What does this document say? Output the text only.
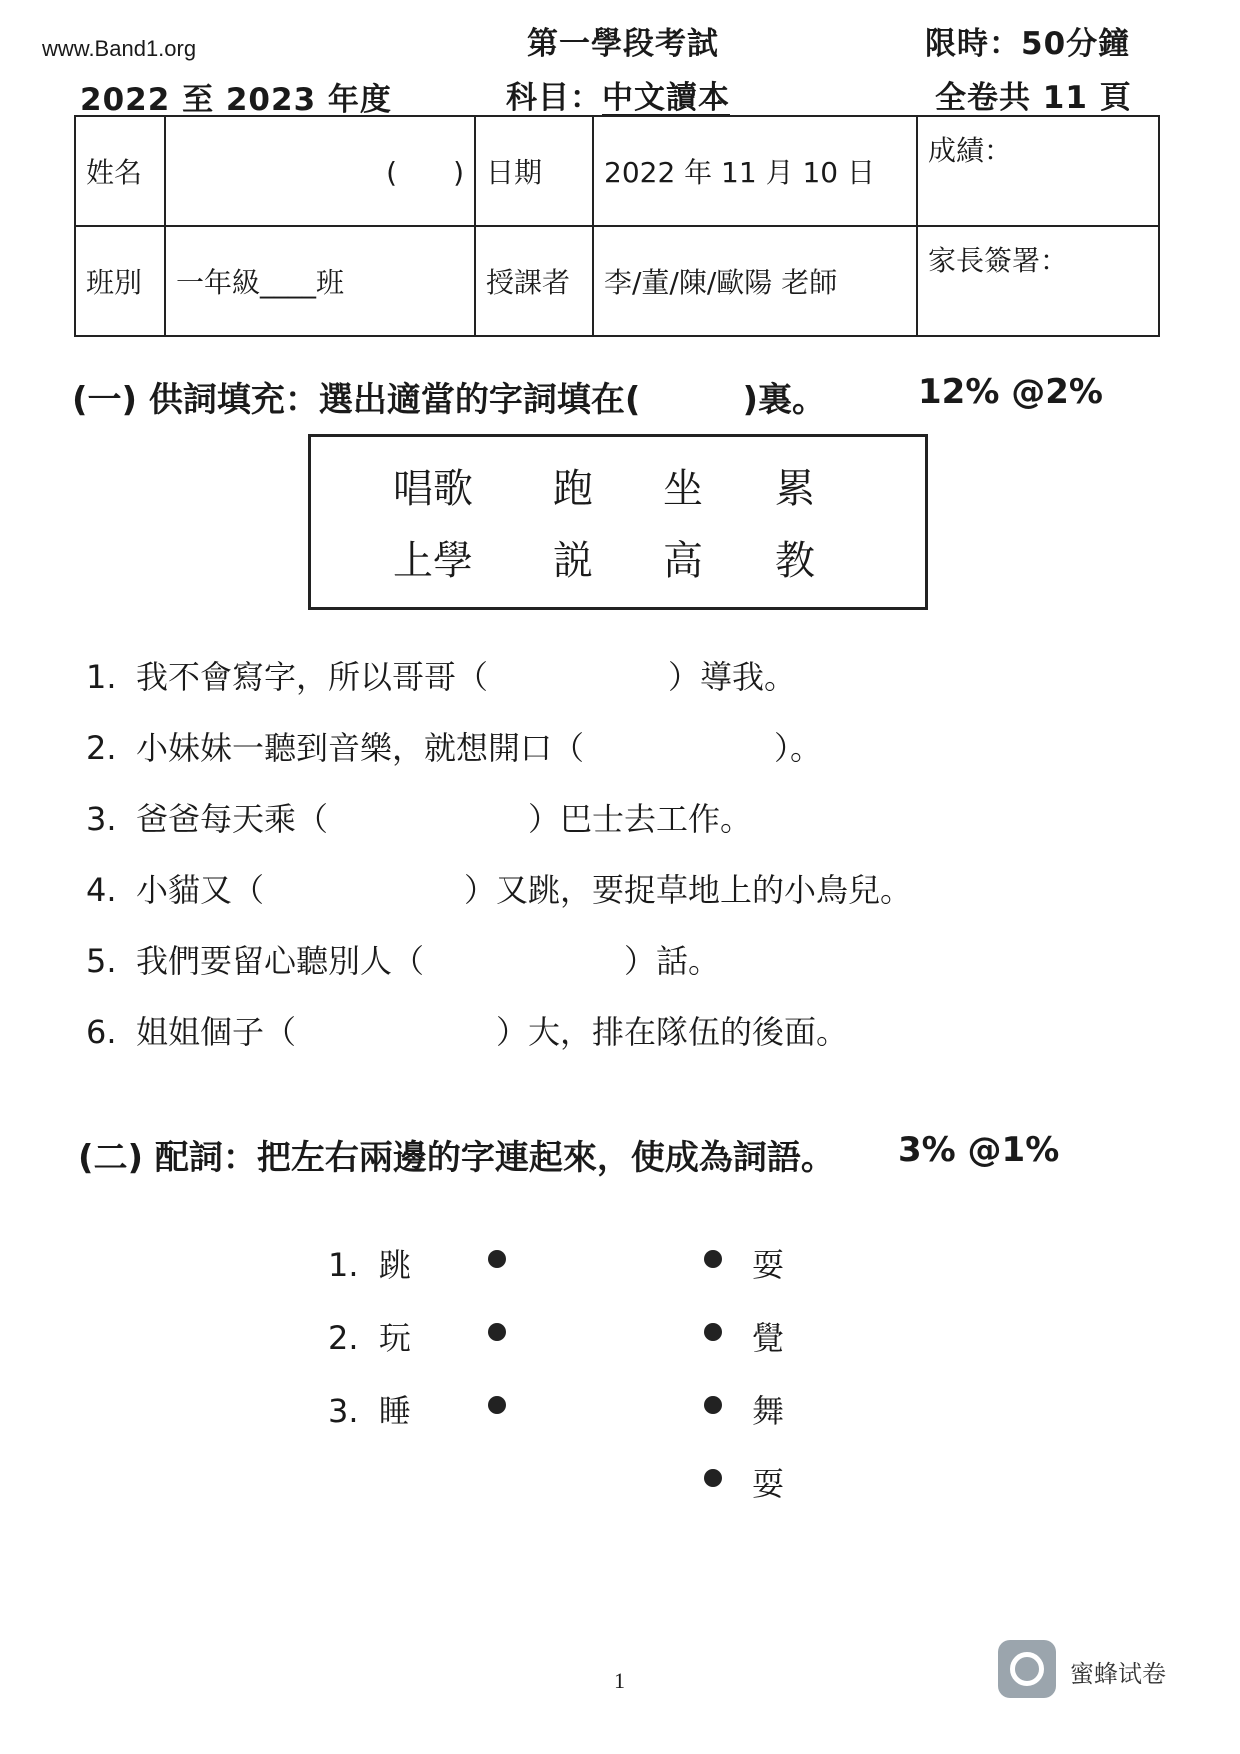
www.Band1.org	第一學段考試	限時：50分鐘
2022 至 2023 年度	科目：中文讀本	全卷共 11 頁
姓名	(　　)	日期	2022 年 11 月 10 日	成績：
班別	一年級____班	授課者	李/董/陳/歐陽 老師	家長簽署：
(一) 供詞填充：選出適當的字詞填在(　　　)裏。	12% @2%
唱歌 跑 坐 累
上學 説 高 教
1. 我不會寫字，所以哥哥（	）導我。
2. 小妹妹一聽到音樂，就想開口（	）。
3. 爸爸每天乘（	）巴士去工作。
4. 小貓又（	）又跳，要捉草地上的小鳥兒。
5. 我們要留心聽別人（	）話。
6. 姐姐個子（	）大，排在隊伍的後面。
(二) 配詞：把左右兩邊的字連起來，使成為詞語。 3% @1%
1. 跳
2. 玩
3. 睡
耍
覺
舞
耍
1	蜜蜂试卷
